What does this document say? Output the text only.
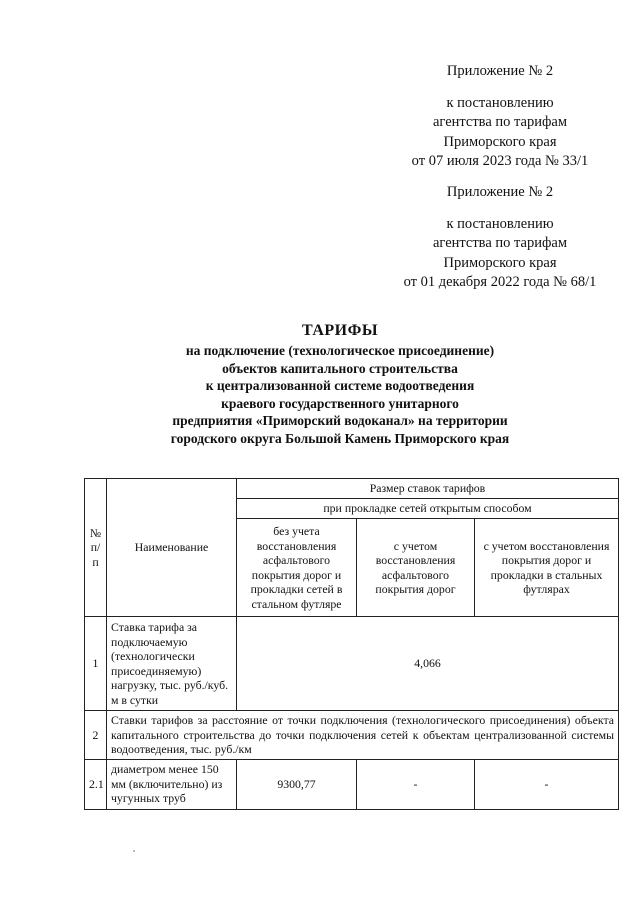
Приложение № 2
к постановлению
агентства по тарифам
Приморского края
от 07 июля 2023 года № 33/1
Приложение № 2
к постановлению
агентства по тарифам
Приморского края
от 01 декабря 2022 года № 68/1
ТАРИФЫ
на подключение (технологическое присоединение)
объектов капитального строительства
к централизованной системе водоотведения
краевого государственного унитарного
предприятия «Приморский водоканал» на территории
городского округа Большой Камень Приморского края
№ п/п	Наименование	Размер ставок тарифов		
		при прокладке сетей открытым способом		
		без учета восстановления асфальтового покрытия дорог и прокладки сетей в стальном футляре	с учетом восстановления асфальтового покрытия дорог	с учетом восстановления покрытия дорог и прокладки в стальных футлярах
1	Ставка тарифа за подключаемую (технологически присоединяемую) нагрузку, тыс. руб./куб. м в сутки	4,066		
2	Ставки тарифов за расстояние от точки подключения (технологического присоединения) объекта капитального строительства до точки подключения сетей к объектам централизованной системы водоотведения, тыс. руб./км			
2.1	диаметром менее 150 мм (включительно) из чугунных труб	9300,77	-	-
